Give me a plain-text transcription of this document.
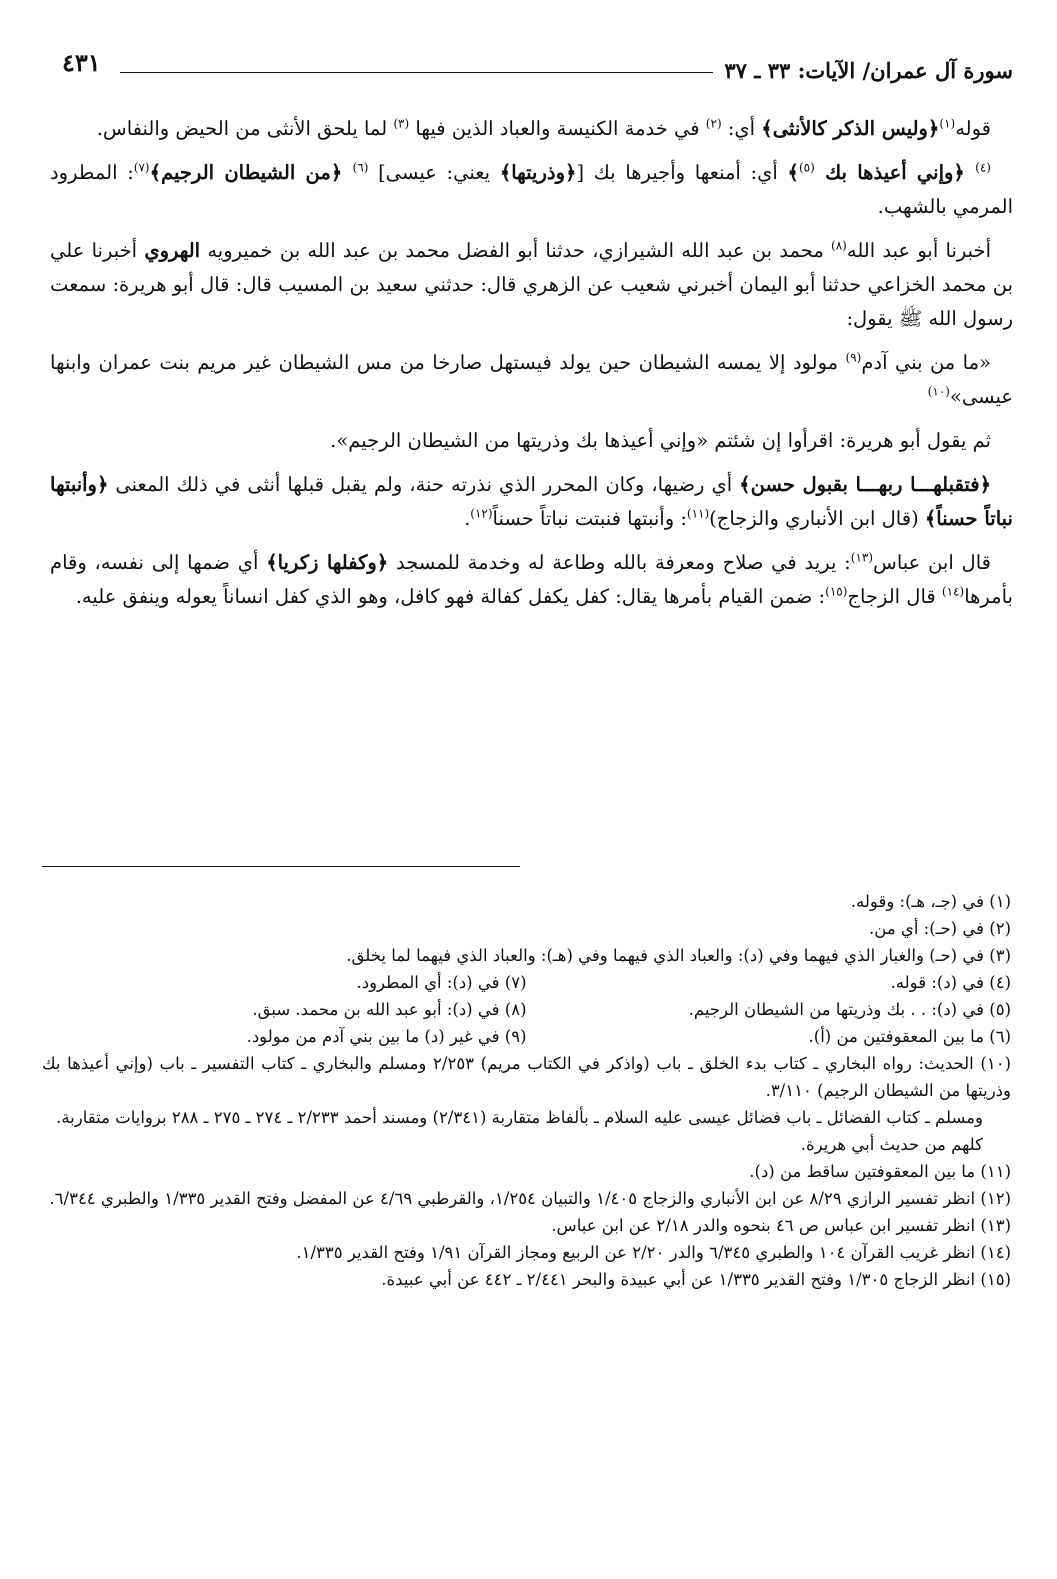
سورة آل عمران/ الآيات: ٣٣ ـ ٣٧
٤٣١

قوله$^{(١)}$﴿وليس الذكر كالأنثى﴾ أي: $^{(٢)}$ في خدمة الكنيسة والعباد الذين فيها $^{(٣)}$ لما يلحق الأنثى من الحيض والنفاس.

$^{(٤)}$ ﴿وإني أعيذها بك $^{(٥)}$﴾ أي: أمنعها وأجيرها بك [﴿وذريتها﴾ يعني: عيسى] $^{(٦)}$ ﴿من الشيطان الرجيم﴾$^{(٧)}$: المطرود المرمي بالشهب.

أخبرنا أبو عبد الله$^{(٨)}$ محمد بن عبد الله الشيرازي، حدثنا أبو الفضل محمد بن عبد الله بن خميرويه الهروي أخبرنا علي بن محمد الخزاعي حدثنا أبو اليمان أخبرني شعيب عن الزهري قال: حدثني سعيد بن المسيب قال: قال أبو هريرة: سمعت رسول الله ﷺ يقول:

«ما من بني آدم$^{(٩)}$ مولود إلا يمسه الشيطان حين يولد فيستهل صارخا من مس الشيطان غير مريم بنت عمران وابنها عيسى»$^{(١٠)}$

ثم يقول أبو هريرة: اقرأوا إن شئتم «وإني أعيذها بك وذريتها من الشيطان الرجيم».

﴿فتقبلهـــا ربهـــا بقبول حسن﴾ أي رضيها، وكان المحرر الذي نذرته حنة، ولم يقبل قبلها أنثى في ذلك المعنى ﴿وأنبتها نباتاً حسناً﴾ (قال ابن الأنباري والزجاج)$^{(١١)}$: وأنبتها فنبتت نباتاً حسناً$^{(١٢)}$.

قال ابن عباس$^{(١٣)}$: يريد في صلاح ومعرفة بالله وطاعة له وخدمة للمسجد ﴿وكفلها زكريا﴾ أي ضمها إلى نفسه، وقام بأمرها$^{(١٤)}$ قال الزجاج$^{(١٥)}$: ضمن القيام بأمرها يقال: كفل يكفل كفالة فهو كافل، وهو الذي كفل انساناً يعوله وينفق عليه.

(١) في (جـ، هـ): وقوله.

(٢) في (حـ): أي من.

(٣) في (حـ) والغبار الذي فيهما وفي (د): والعباد الذي فيهما وفي (هـ): والعباد الذي فيهما لما يخلق.

(٤) في (د): قوله.

(٧) في (د): أي المطرود.

(٥) في (د): . . بك وذريتها من الشيطان الرجيم.

(٨) في (د): أبو عبد الله بن محمد. سبق.

(٦) ما بين المعقوفتين من (أ).

(٩) في غير (د) ما بين بني آدم من مولود.

(١٠) الحديث: رواه البخاري ـ كتاب بدء الخلق ـ باب (واذكر في الكتاب مريم) ٢/٢٥٣ ومسلم والبخاري ـ كتاب التفسير ـ باب (وإني أعيذها بك وذريتها من الشيطان الرجيم) ٣/١١٠.

ومسلم ـ كتاب الفضائل ـ باب فضائل عيسى عليه السلام ـ بألفاظ متقاربة (٢/٣٤١) ومسند أحمد ٢/٢٣٣ ـ ٢٧٤ ـ ٢٧٥ ـ ٢٨٨ بروايات متقاربة.

كلهم من حديث أبي هريرة.

(١١) ما بين المعقوفتين ساقط من (د).

(١٢) انظر تفسير الرازي ٨/٢٩ عن ابن الأنباري والزجاج ١/٤٠٥ والتبيان ١/٢٥٤، والقرطبي ٤/٦٩ عن المفضل وفتح القدير ١/٣٣٥ والطبري ٦/٣٤٤.

(١٣) انظر تفسير ابن عباس ص ٤٦ بنحوه والدر ٢/١٨ عن ابن عباس.

(١٤) انظر غريب القرآن ١٠٤ والطبري ٦/٣٤٥ والدر ٢/٢٠ عن الربيع ومجاز القرآن ١/٩١ وفتح القدير ١/٣٣٥.

(١٥) انظر الزجاج ١/٣٠٥ وفتح القدير ١/٣٣٥ عن أبي عبيدة والبحر ٢/٤٤١ ـ ٤٤٢ عن أبي عبيدة.
